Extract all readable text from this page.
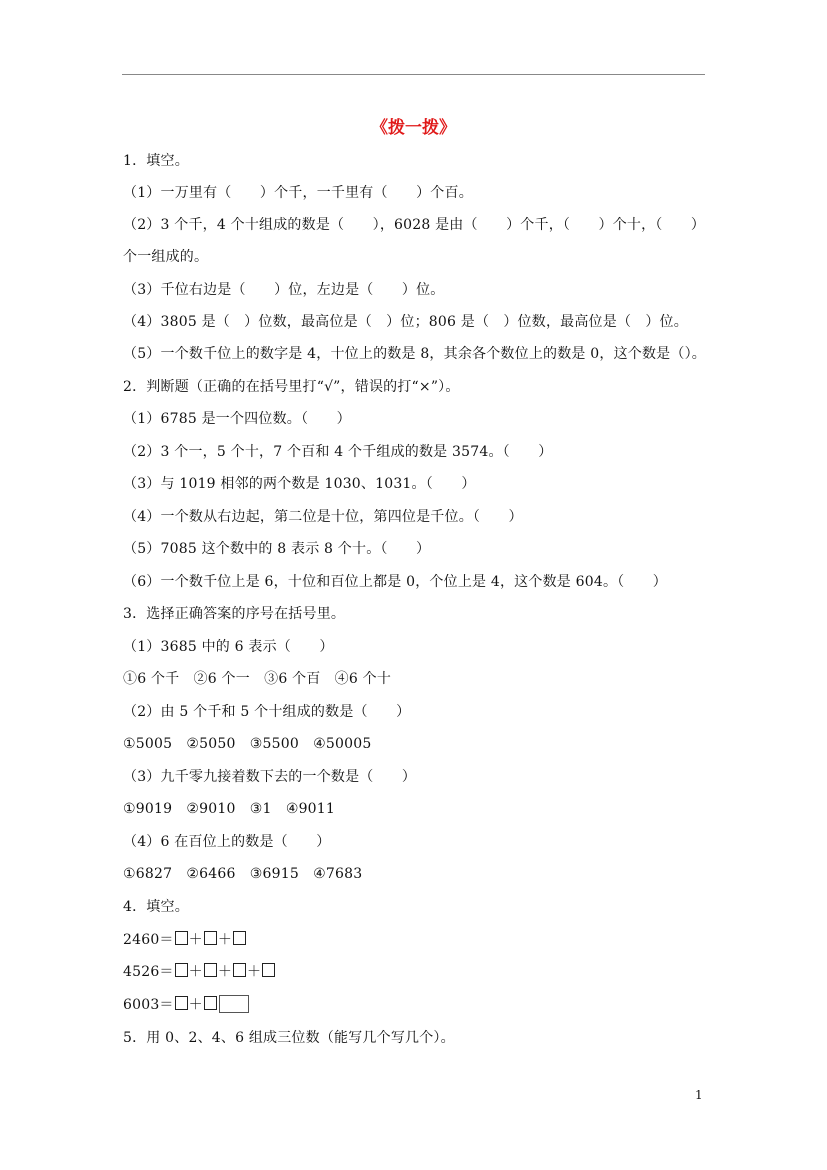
《拨一拨》
1．填空。
（1）一万里有（　　）个千，一千里有（　　）个百。
（2）3 个千，4 个十组成的数是（　　），6028 是由（　　）个千，（　　）个十，（　　）
个一组成的。
（3）千位右边是（　　）位，左边是（　　）位。
（4）3805 是（　）位数，最高位是（　）位；806 是（　）位数，最高位是（　）位。
（5）一个数千位上的数字是 4，十位上的数是 8，其余各个数位上的数是 0，这个数是（）。
2．判断题（正确的在括号里打“√”，错误的打“×”）。
（1）6785 是一个四位数。（　　）
（2）3 个一，5 个十，7 个百和 4 个千组成的数是 3574。（　　）
（3）与 1019 相邻的两个数是 1030、1031。（　　）
（4）一个数从右边起，第二位是十位，第四位是千位。（　　）
（5）7085 这个数中的 8 表示 8 个十。（　　）
（6）一个数千位上是 6，十位和百位上都是 0，个位上是 4，这个数是 604。（　　）
3．选择正确答案的序号在括号里。
（1）3685 中的 6 表示（　　）
①6 个千　②6 个一　③6 个百　④6 个十
（2）由 5 个千和 5 个十组成的数是（　　）
①5005　②5050　③5500　④50005
（3）九千零九接着数下去的一个数是（　　）
①9019　②9010　③1　④9011
（4）6 在百位上的数是（　　）
①6827　②6466　③6915　④7683
4．填空。
2460＝ ＋ ＋
4526＝ ＋ ＋ ＋
6003＝ ＋
5．用 0、2、4、6 组成三位数（能写几个写几个）。
1
